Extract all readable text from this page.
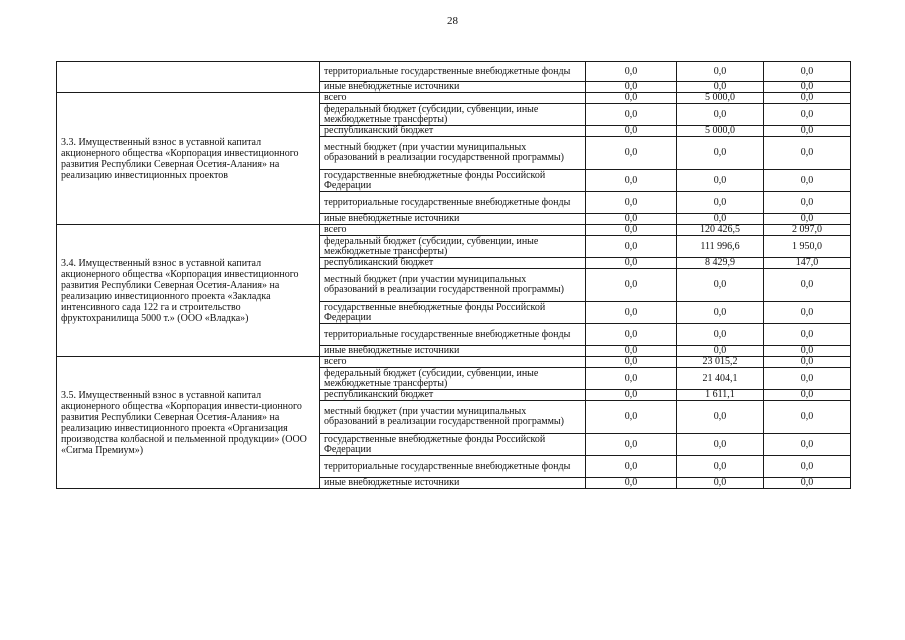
28
	территориальные государственные внебюджетные фонды	0,0	0,0	0,0
	иные внебюджетные источники	0,0	0,0	0,0
3.3. Имущественный взнос в уставной капитал акционерного общества «Корпорация инвестиционного развития Республики Северная Осетия-Алания» на реализацию инвестиционных проектов	всего	0,0	5 000,0	0,0
	федеральный бюджет (субсидии, субвенции, иные межбюджетные трансферты)	0,0	0,0	0,0
	республиканский бюджет	0,0	5 000,0	0,0
	местный бюджет (при участии муниципальных образований в реализации государственной программы)	0,0	0,0	0,0
	государственные внебюджетные фонды Российской Федерации	0,0	0,0	0,0
	территориальные государственные внебюджетные фонды	0,0	0,0	0,0
	иные внебюджетные источники	0,0	0,0	0,0
3.4. Имущественный взнос в уставной капитал акционерного общества «Корпорация инвестиционного развития Республики Северная Осетия-Алания» на реализацию инвестиционного проекта «Закладка интенсивного сада 122 га и строительство фруктохранилища 5000 т.» (ООО «Владка»)	всего	0,0	120 426,5	2 097,0
	федеральный бюджет (субсидии, субвенции, иные межбюджетные трансферты)	0,0	111 996,6	1 950,0
	республиканский бюджет	0,0	8 429,9	147,0
	местный бюджет (при участии муниципальных образований в реализации государственной программы)	0,0	0,0	0,0
	государственные внебюджетные фонды Российской Федерации	0,0	0,0	0,0
	территориальные государственные внебюджетные фонды	0,0	0,0	0,0
	иные внебюджетные источники	0,0	0,0	0,0
3.5. Имущественный взнос в уставной капитал акционерного общества «Корпорация инвести-ционного развития Республики Северная Осетия-Алания» на реализацию инвестиционного проекта «Организация производства колбасной и пельменной продукции» (ООО «Сигма Премиум»)	всего	0,0	23 015,2	0,0
	федеральный бюджет (субсидии, субвенции, иные межбюджетные трансферты)	0,0	21 404,1	0,0
	республиканский бюджет	0,0	1 611,1	0,0
	местный бюджет (при участии муниципальных образований в реализации государственной программы)	0,0	0,0	0,0
	государственные внебюджетные фонды Российской Федерации	0,0	0,0	0,0
	территориальные государственные внебюджетные фонды	0,0	0,0	0,0
	иные внебюджетные источники	0,0	0,0	0,0
